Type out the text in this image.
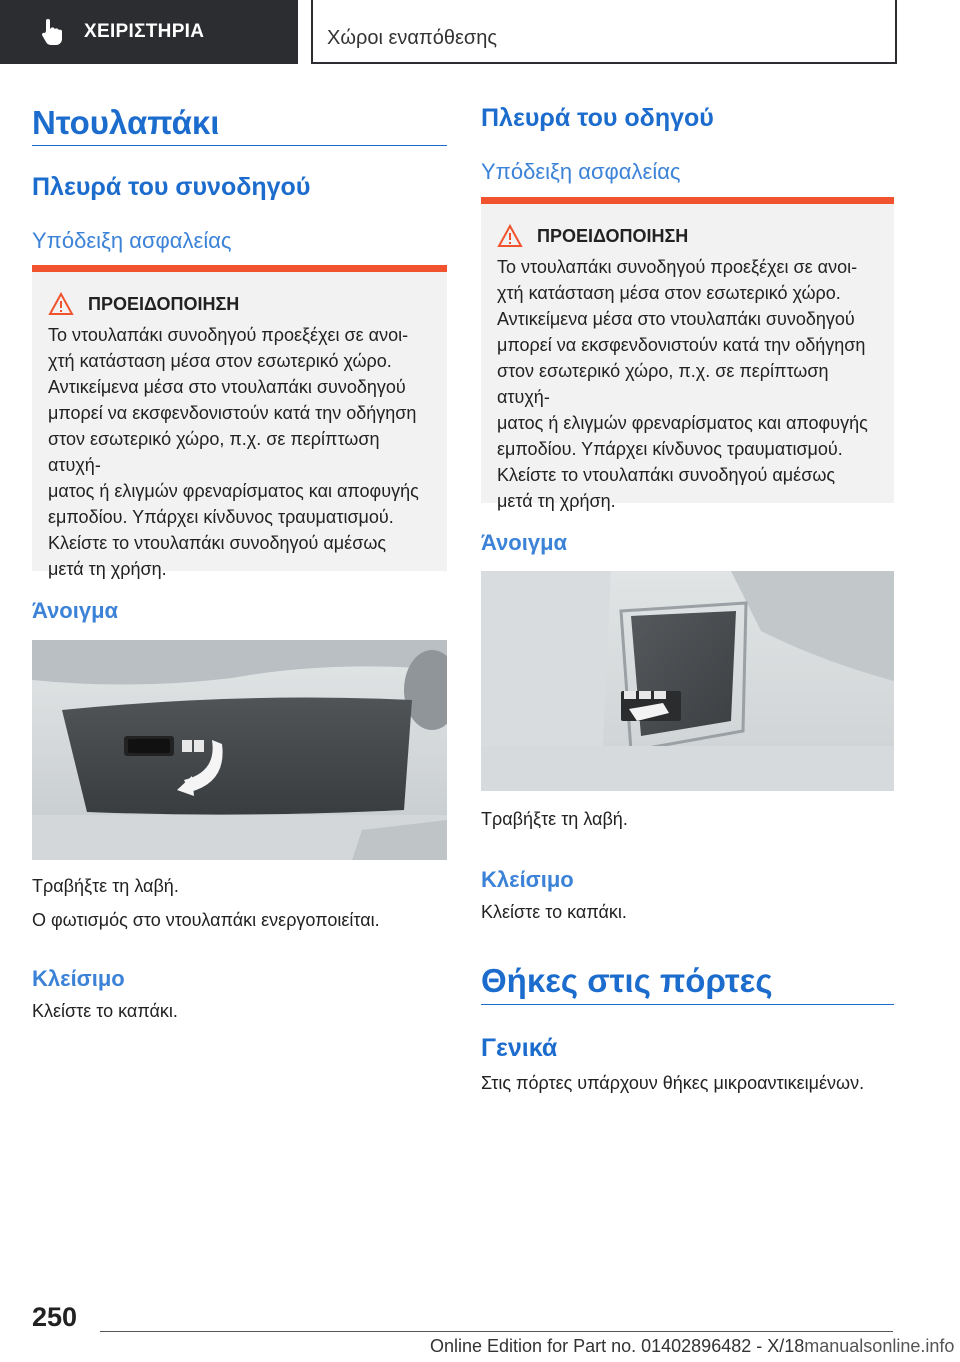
ΧΕΙΡΙΣΤΗΡΙΑ	Χώροι εναπόθεσης
Ντουλαπάκι
Πλευρά του συνοδηγού
Υπόδειξη ασφαλείας
ΠΡΟΕΙΔΟΠΟΙΗΣΗ
Το ντουλαπάκι συνοδηγού προεξέχει σε ανοι-
χτή κατάσταση μέσα στον εσωτερικό χώρο.
Αντικείμενα μέσα στο ντουλαπάκι συνοδηγού
μπορεί να εκσφενδονιστούν κατά την οδήγηση
στον εσωτερικό χώρο, π.χ. σε περίπτωση ατυχή-
ματος ή ελιγμών φρεναρίσματος και αποφυγής
εμποδίου. Υπάρχει κίνδυνος τραυματισμού.
Κλείστε το ντουλαπάκι συνοδηγού αμέσως
μετά τη χρήση.
Άνοιγμα
Τραβήξτε τη λαβή.
Ο φωτισμός στο ντουλαπάκι ενεργοποιείται.
Κλείσιμο
Κλείστε το καπάκι.
Πλευρά του οδηγού
Υπόδειξη ασφαλείας
ΠΡΟΕΙΔΟΠΟΙΗΣΗ
Το ντουλαπάκι συνοδηγού προεξέχει σε ανοι-
χτή κατάσταση μέσα στον εσωτερικό χώρο.
Αντικείμενα μέσα στο ντουλαπάκι συνοδηγού
μπορεί να εκσφενδονιστούν κατά την οδήγηση
στον εσωτερικό χώρο, π.χ. σε περίπτωση ατυχή-
ματος ή ελιγμών φρεναρίσματος και αποφυγής
εμποδίου. Υπάρχει κίνδυνος τραυματισμού.
Κλείστε το ντουλαπάκι συνοδηγού αμέσως
μετά τη χρήση.
Άνοιγμα
Τραβήξτε τη λαβή.
Κλείσιμο
Κλείστε το καπάκι.
Θήκες στις πόρτες
Γενικά
Στις πόρτες υπάρχουν θήκες μικροαντικειμένων.
250
Online Edition for Part no. 01402896482 - X/18manualsonline.info
